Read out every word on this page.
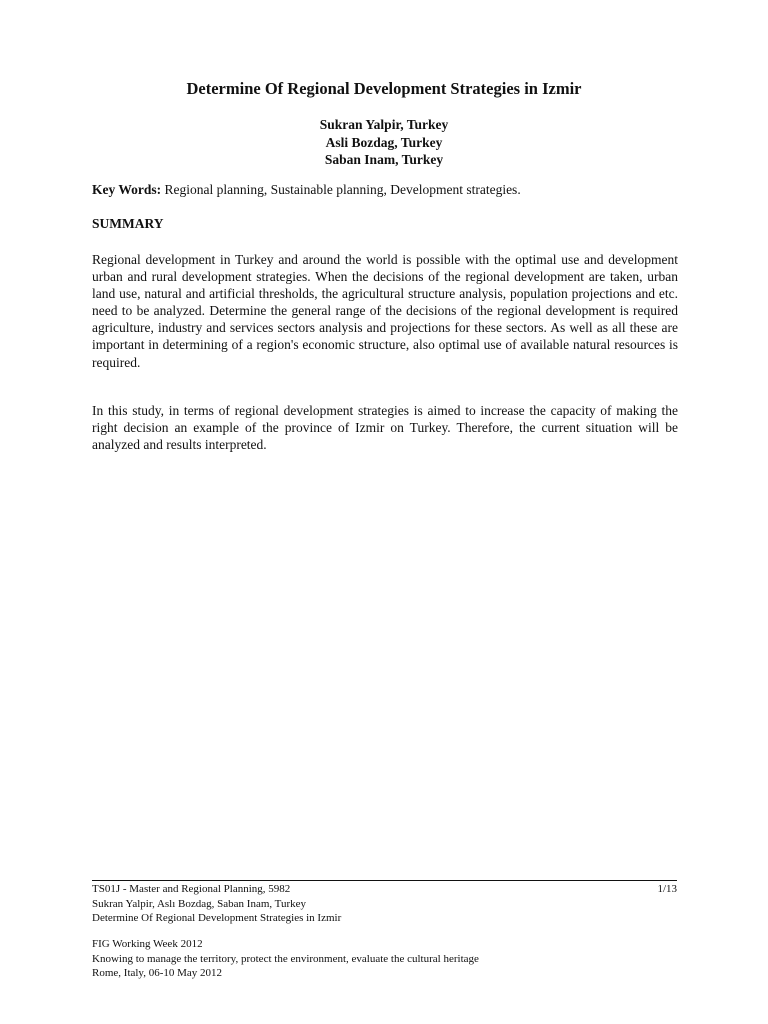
Determine Of Regional Development Strategies in Izmir
Sukran Yalpir, Turkey
Asli Bozdag, Turkey
Saban Inam, Turkey
Key Words: Regional planning, Sustainable planning, Development strategies.
SUMMARY
Regional development in Turkey and around the world is possible with the optimal use and development urban and rural development strategies. When the decisions of the regional development are taken, urban land use, natural and artificial thresholds, the agricultural structure analysis, population projections and etc. need to be analyzed. Determine the general range of the decisions of the regional development is required agriculture, industry and services sectors analysis and projections for these sectors. As well as all these are important in determining of a region's economic structure, also optimal use of available natural resources is required.
In this study, in terms of regional development strategies is aimed to increase the capacity of making the right decision an example of the province of Izmir on Turkey. Therefore, the current situation will be analyzed and results interpreted.
TS01J - Master and Regional Planning, 5982	1/13
Sukran Yalpir, Aslı Bozdag, Saban Inam, Turkey
Determine Of Regional Development Strategies in Izmir
FIG Working Week 2012
Knowing to manage the territory, protect the environment, evaluate the cultural heritage
Rome, Italy, 06-10 May 2012
